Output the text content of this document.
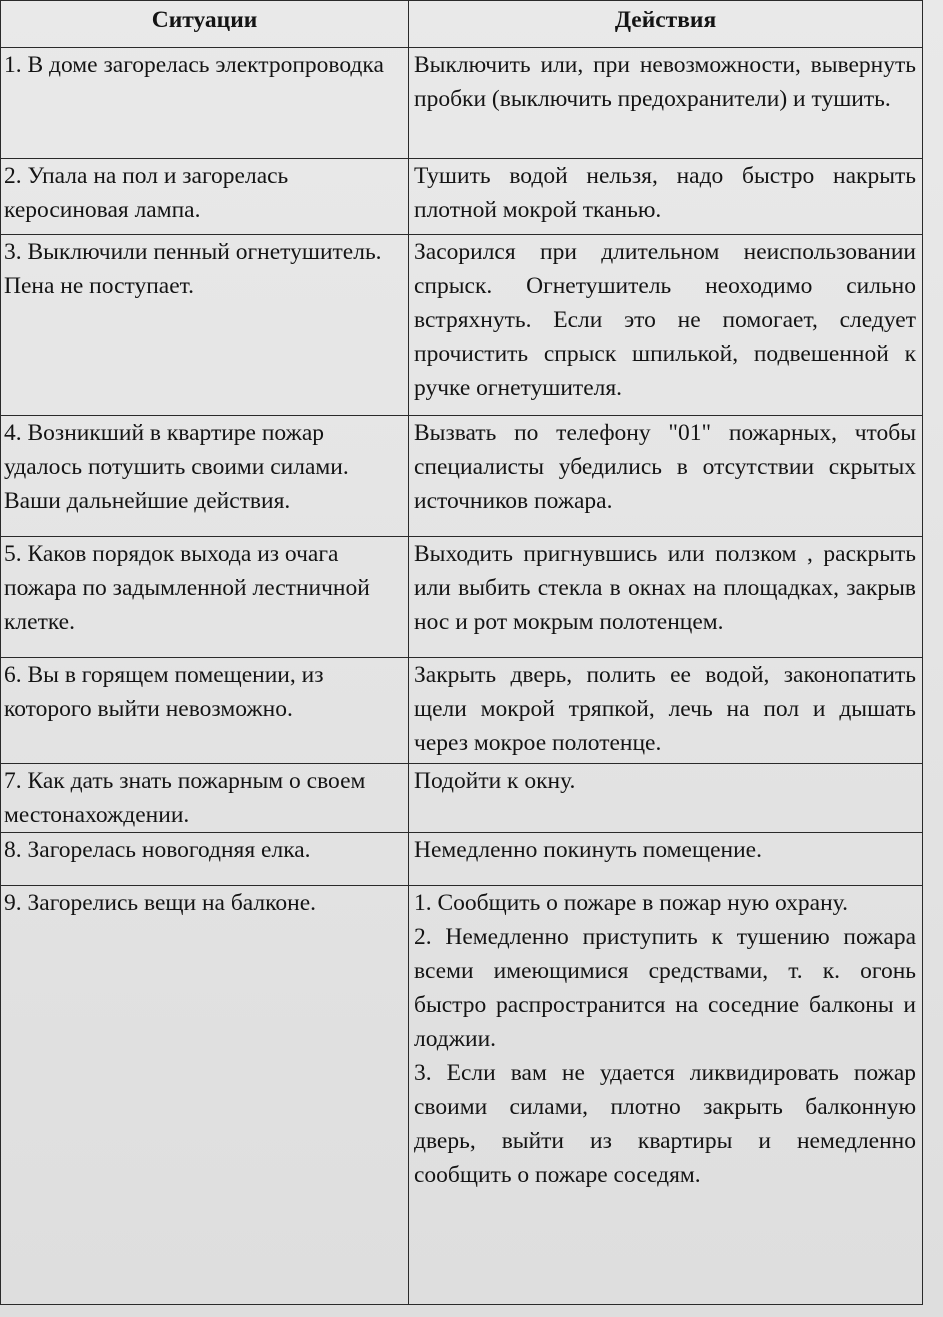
Ситуации	Действия
1. В доме загорелась электропроводка	Выключить или, при невозможности, вывернуть пробки (выключить предохранители) и тушить.

2. Упала на пол и загорелась керосиновая лампа.	Тушить водой нельзя, надо быстро накрыть плотной мокрой тканью.

3. Выключили пенный огнетушитель. Пена не поступает.	Засорился при длительном неиспользовании спрыск. Огнетушитель неоходимо сильно встряхнуть. Если это не помогает, следует прочистить спрыск шпилькой, подвешенной к ручке огнетушителя.

4. Возникший в квартире пожар удалось потушить своими силами. Ваши дальнейшие действия.	Вызвать по телефону "01" пожарных, чтобы специалисты убедились в отсутствии скрытых источников пожара.

5. Каков порядок выхода из очага пожара по задымленной лестничной клетке.	Выходить пригнувшись или ползком , раскрыть или выбить стекла в окнах на площадках, закрыв нос и рот мокрым полотенцем.

6. Вы в горящем помещении, из которого выйти невозможно.	Закрыть дверь, полить ее водой, законопатить щели мокрой тряпкой, лечь на пол и дышать через мокрое полотенце.

7. Как дать знать пожарным о своем местонахождении.	Подойти к окну.

8. Загорелась новогодняя елка.	Немедленно покинуть помещение.

9. Загорелись вещи на балконе.	1. Сообщить о пожаре в пожар ную охрану.

2. Немедленно приступить к тушению пожара всеми имеющимися средствами, т. к. огонь быстро распространится на соседние балконы и лоджии.

3. Если вам не удается ликвидировать пожар своими силами, плотно закрыть балконную дверь, выйти из квартиры и немедленно сообщить о пожаре соседям.
